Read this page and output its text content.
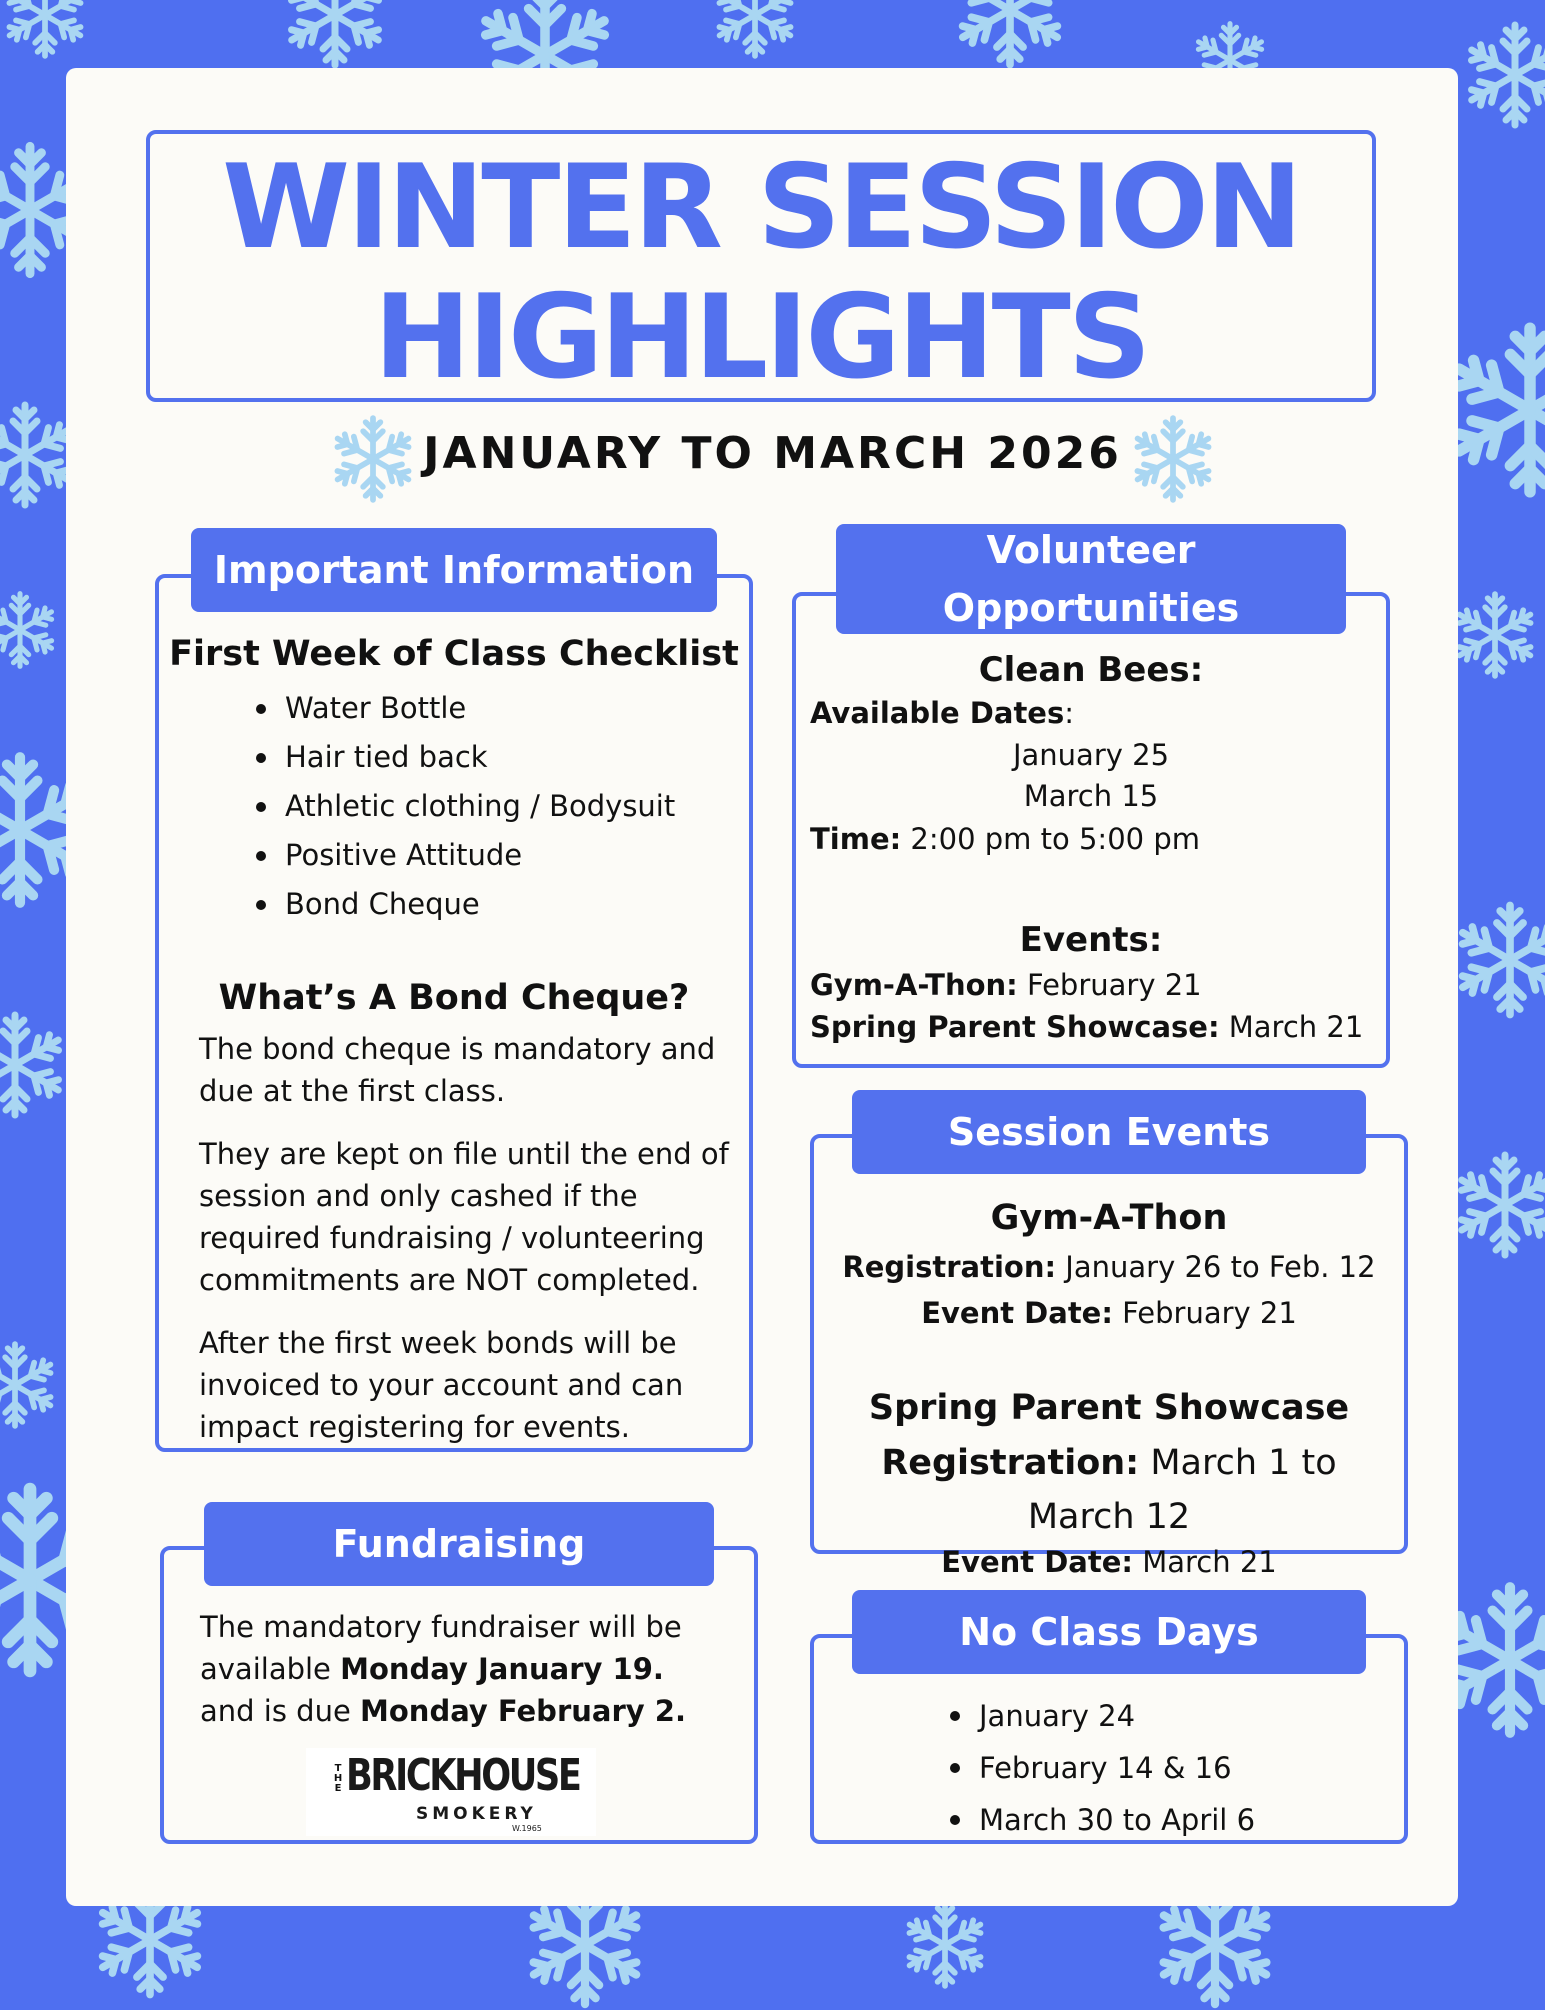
WINTER SESSION
HIGHLIGHTS
JANUARY TO MARCH 2026
Important Information
First Week of Class Checklist
Water Bottle
Hair tied back
Athletic clothing / Bodysuit
Positive Attitude
Bond Cheque
What’s A Bond Cheque?
The bond cheque is mandatory and due at the first class.
They are kept on file until the end of session and only cashed if the required fundraising / volunteering commitments are NOT completed.
After the first week bonds will be invoiced to your account and can impact registering for events.
Volunteer
Opportunities
Clean Bees:
Available Dates:
January 25
March 15
Time: 2:00 pm to 5:00 pm
Events:
Gym-A-Thon: February 21
Spring Parent Showcase: March 21
Session Events
Gym-A-Thon
Registration: January 26 to Feb. 12
Event Date: February 21
Spring Parent Showcase
Registration: March 1 to March 12
Event Date: March 21
Fundraising
The mandatory fundraiser will be available Monday January 19.
and is due Monday February 2.
THE BRICKHOUSE
SMOKERY
W.1965
No Class Days
January 24
February 14 & 16
March 30 to April 6
